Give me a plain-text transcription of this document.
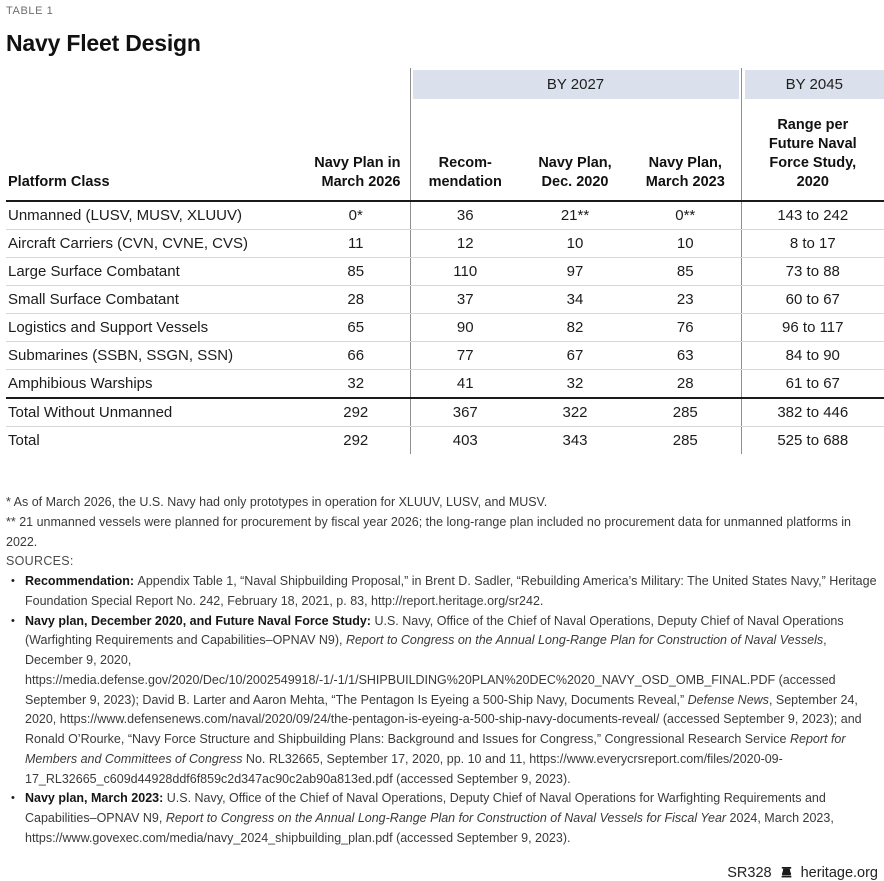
TABLE 1
Navy Fleet Design

		BY 2027			BY 2045

Platform Class

Navy Plan in
March 2026

Recom-
mendation

Navy Plan,
Dec. 2020

Navy Plan,
March 2023

Range per
Future Naval
Force Study,
2020

Unmanned (LUSV, MUSV, XLUUV)	0*	36	21**	0**	143 to 242
Aircraft Carriers (CVN, CVNE, CVS)	11	12	10	10	8 to 17
Large Surface Combatant	85	110	97	85	73 to 88
Small Surface Combatant	28	37	34	23	60 to 67
Logistics and Support Vessels	65	90	82	76	96 to 117
Submarines (SSBN, SSGN, SSN)	66	77	67	63	84 to 90
Amphibious Warships	32	41	32	28	61 to 67
Total Without Unmanned	292	367	322	285	382 to 446
Total	292	403	343	285	525 to 688
* As of March 2026, the U.S. Navy had only prototypes in operation for XLUUV, LUSV, and MUSV.
** 21 unmanned vessels were planned for procurement by fiscal year 2026; the long-range plan included no procurement data for unmanned platforms in 2022.
SOURCES:
• Recommendation: Appendix Table 1, “Naval Shipbuilding Proposal,” in Brent D. Sadler, “Rebuilding America’s Military: The United States Navy,” Heritage Foundation Special Report No. 242, February 18, 2021, p. 83, http://report.heritage.org/sr242.
• Navy plan, December 2020, and Future Naval Force Study: U.S. Navy, Office of the Chief of Naval Operations, Deputy Chief of Naval Operations (Warfighting Requirements and Capabilities–OPNAV N9), Report to Congress on the Annual Long-Range Plan for Construction of Naval Vessels, December 9, 2020, https://media.defense.gov/2020/Dec/10/2002549918/-1/-1/1/SHIPBUILDING%20PLAN%20DEC%2020_NAVY_OSD_OMB_FINAL.PDF (accessed September 9, 2023); David B. Larter and Aaron Mehta, “The Pentagon Is Eyeing a 500-Ship Navy, Documents Reveal,” Defense News, September 24, 2020, https://www.defensenews.com/naval/2020/09/24/the-pentagon-is-eyeing-a-500-ship-navy-documents-reveal/ (accessed September 9, 2023); and Ronald O’Rourke, “Navy Force Structure and Shipbuilding Plans: Background and Issues for Congress,” Congressional Research Service Report for Members and Committees of Congress No. RL32665, September 17, 2020, pp. 10 and 11, https://www.everycrsreport.com/files/2020-09-17_RL32665_c609d44928ddf6f859c2d347ac90c2ab90a813ed.pdf (accessed September 9, 2023).
• Navy plan, March 2023: U.S. Navy, Office of the Chief of Naval Operations, Deputy Chief of Naval Operations for Warfighting Requirements and Capabilities–OPNAV N9, Report to Congress on the Annual Long-Range Plan for Construction of Naval Vessels for Fiscal Year 2024, March 2023, https://www.govexec.com/media/navy_2024_shipbuilding_plan.pdf (accessed September 9, 2023).
SR328 heritage.org
